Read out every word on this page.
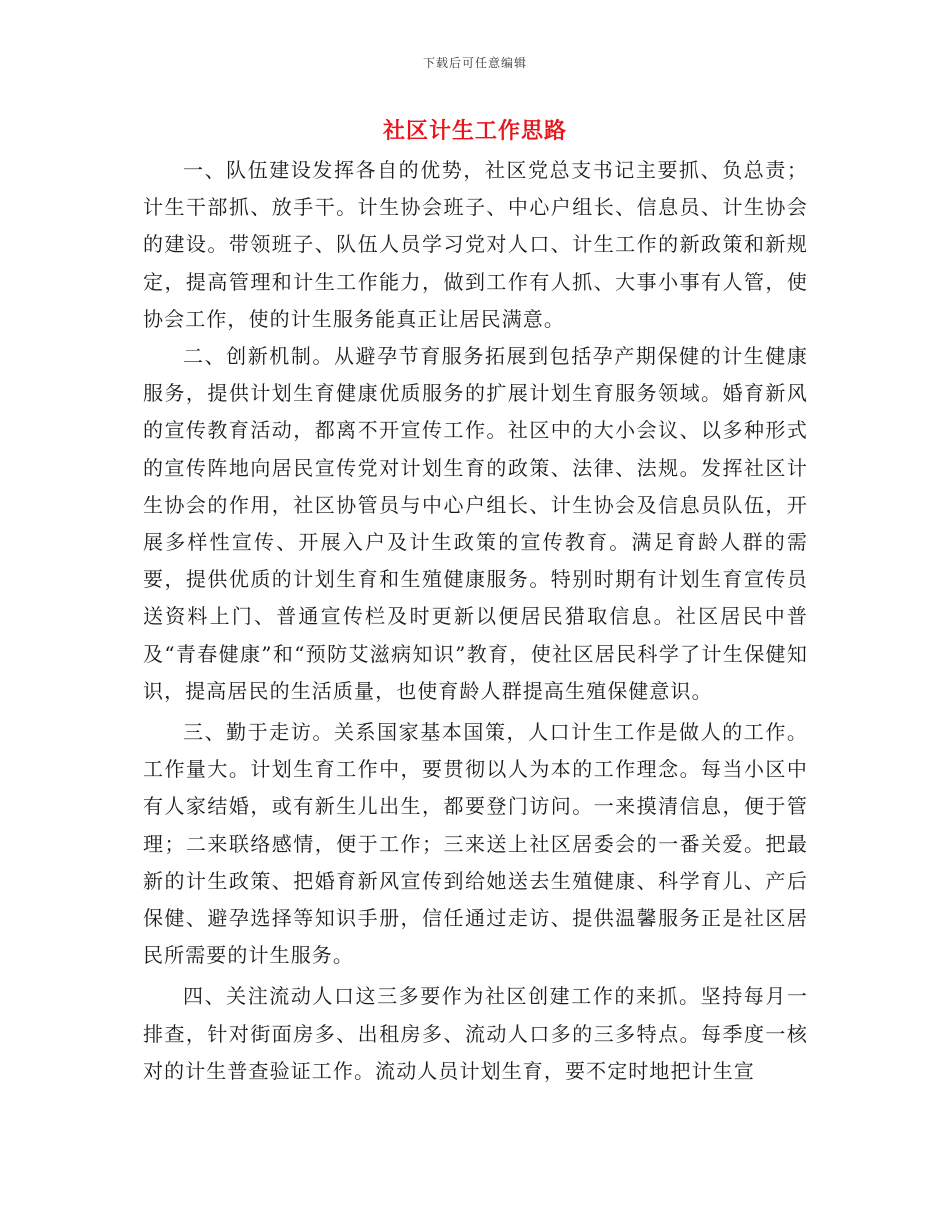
下载后可任意编辑
社区计生工作思路

一、队伍建设发挥各自的优势，社区党总支书记主要抓、负总责；计生干部抓、放手干。计生协会班子、中心户组长、信息员、计生协会的建设。带领班子、队伍人员学习党对人口、计生工作的新政策和新规定，提高管理和计生工作能力，做到工作有人抓、大事小事有人管，使协会工作，使的计生服务能真正让居民满意。

二、创新机制。从避孕节育服务拓展到包括孕产期保健的计生健康服务，提供计划生育健康优质服务的扩展计划生育服务领域。婚育新风的宣传教育活动，都离不开宣传工作。社区中的大小会议、以多种形式的宣传阵地向居民宣传党对计划生育的政策、法律、法规。发挥社区计生协会的作用，社区协管员与中心户组长、计生协会及信息员队伍，开展多样性宣传、开展入户及计生政策的宣传教育。满足育龄人群的需要，提供优质的计划生育和生殖健康服务。特别时期有计划生育宣传员送资料上门、普通宣传栏及时更新以便居民猎取信息。社区居民中普及“青春健康”和“预防艾滋病知识”教育，使社区居民科学了计生保健知识，提高居民的生活质量，也使育龄人群提高生殖保健意识。

三、勤于走访。关系国家基本国策，人口计生工作是做人的工作。工作量大。计划生育工作中，要贯彻以人为本的工作理念。每当小区中有人家结婚，或有新生儿出生，都要登门访问。一来摸清信息，便于管理；二来联络感情，便于工作；三来送上社区居委会的一番关爱。把最新的计生政策、把婚育新风宣传到给她送去生殖健康、科学育儿、产后保健、避孕选择等知识手册，信任通过走访、提供温馨服务正是社区居民所需要的计生服务。

四、关注流动人口这三多要作为社区创建工作的来抓。坚持每月一排查，针对街面房多、出租房多、流动人口多的三多特点。每季度一核对的计生普查验证工作。流动人员计划生育，要不定时地把计生宣
